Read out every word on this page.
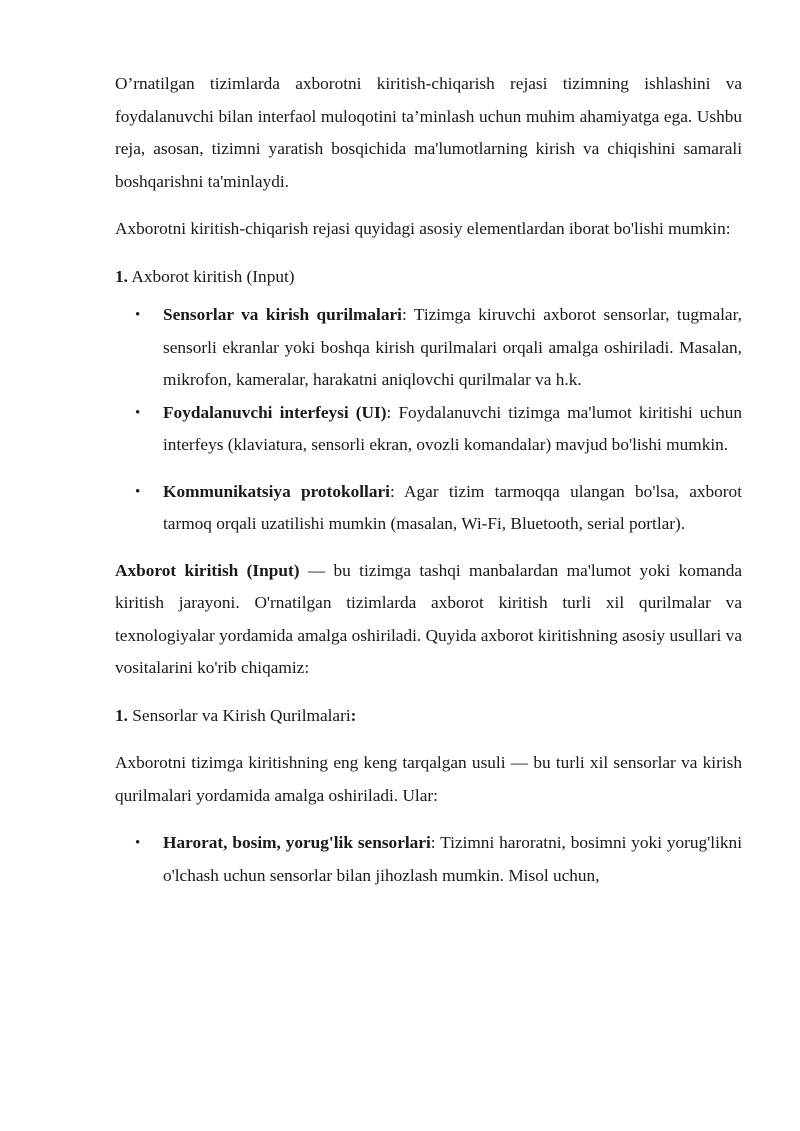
O’rnatilgan tizimlarda axborotni kiritish-chiqarish rejasi tizimning ishlashini va foydalanuvchi bilan interfaol muloqotini ta’minlash uchun muhim ahamiyatga ega. Ushbu reja, asosan, tizimni yaratish bosqichida ma'lumotlarning kirish va chiqishini samarali boshqarishni ta'minlaydi.

Axborotni kiritish-chiqarish rejasi quyidagi asosiy elementlardan iborat bo'lishi mumkin:

1. Axborot kiritish (Input)

• Sensorlar va kirish qurilmalari: Tizimga kiruvchi axborot sensorlar, tugmalar, sensorli ekranlar yoki boshqa kirish qurilmalari orqali amalga oshiriladi. Masalan, mikrofon, kameralar, harakatni aniqlovchi qurilmalar va h.k.
• Foydalanuvchi interfeysi (UI): Foydalanuvchi tizimga ma'lumot kiritishi uchun interfeys (klaviatura, sensorli ekran, ovozli komandalar) mavjud bo'lishi mumkin.
• Kommunikatsiya protokollari: Agar tizim tarmoqqa ulangan bo'lsa, axborot tarmoq orqali uzatilishi mumkin (masalan, Wi-Fi, Bluetooth, serial portlar).

Axborot kiritish (Input) — bu tizimga tashqi manbalardan ma'lumot yoki komanda kiritish jarayoni. O'rnatilgan tizimlarda axborot kiritish turli xil qurilmalar va texnologiyalar yordamida amalga oshiriladi. Quyida axborot kiritishning asosiy usullari va vositalarini ko'rib chiqamiz:

1. Sensorlar va Kirish Qurilmalari:

Axborotni tizimga kiritishning eng keng tarqalgan usuli — bu turli xil sensorlar va kirish qurilmalari yordamida amalga oshiriladi. Ular:

• Harorat, bosim, yorug'lik sensorlari: Tizimni haroratni, bosimni yoki yorug'likni o'lchash uchun sensorlar bilan jihozlash mumkin. Misol uchun,
